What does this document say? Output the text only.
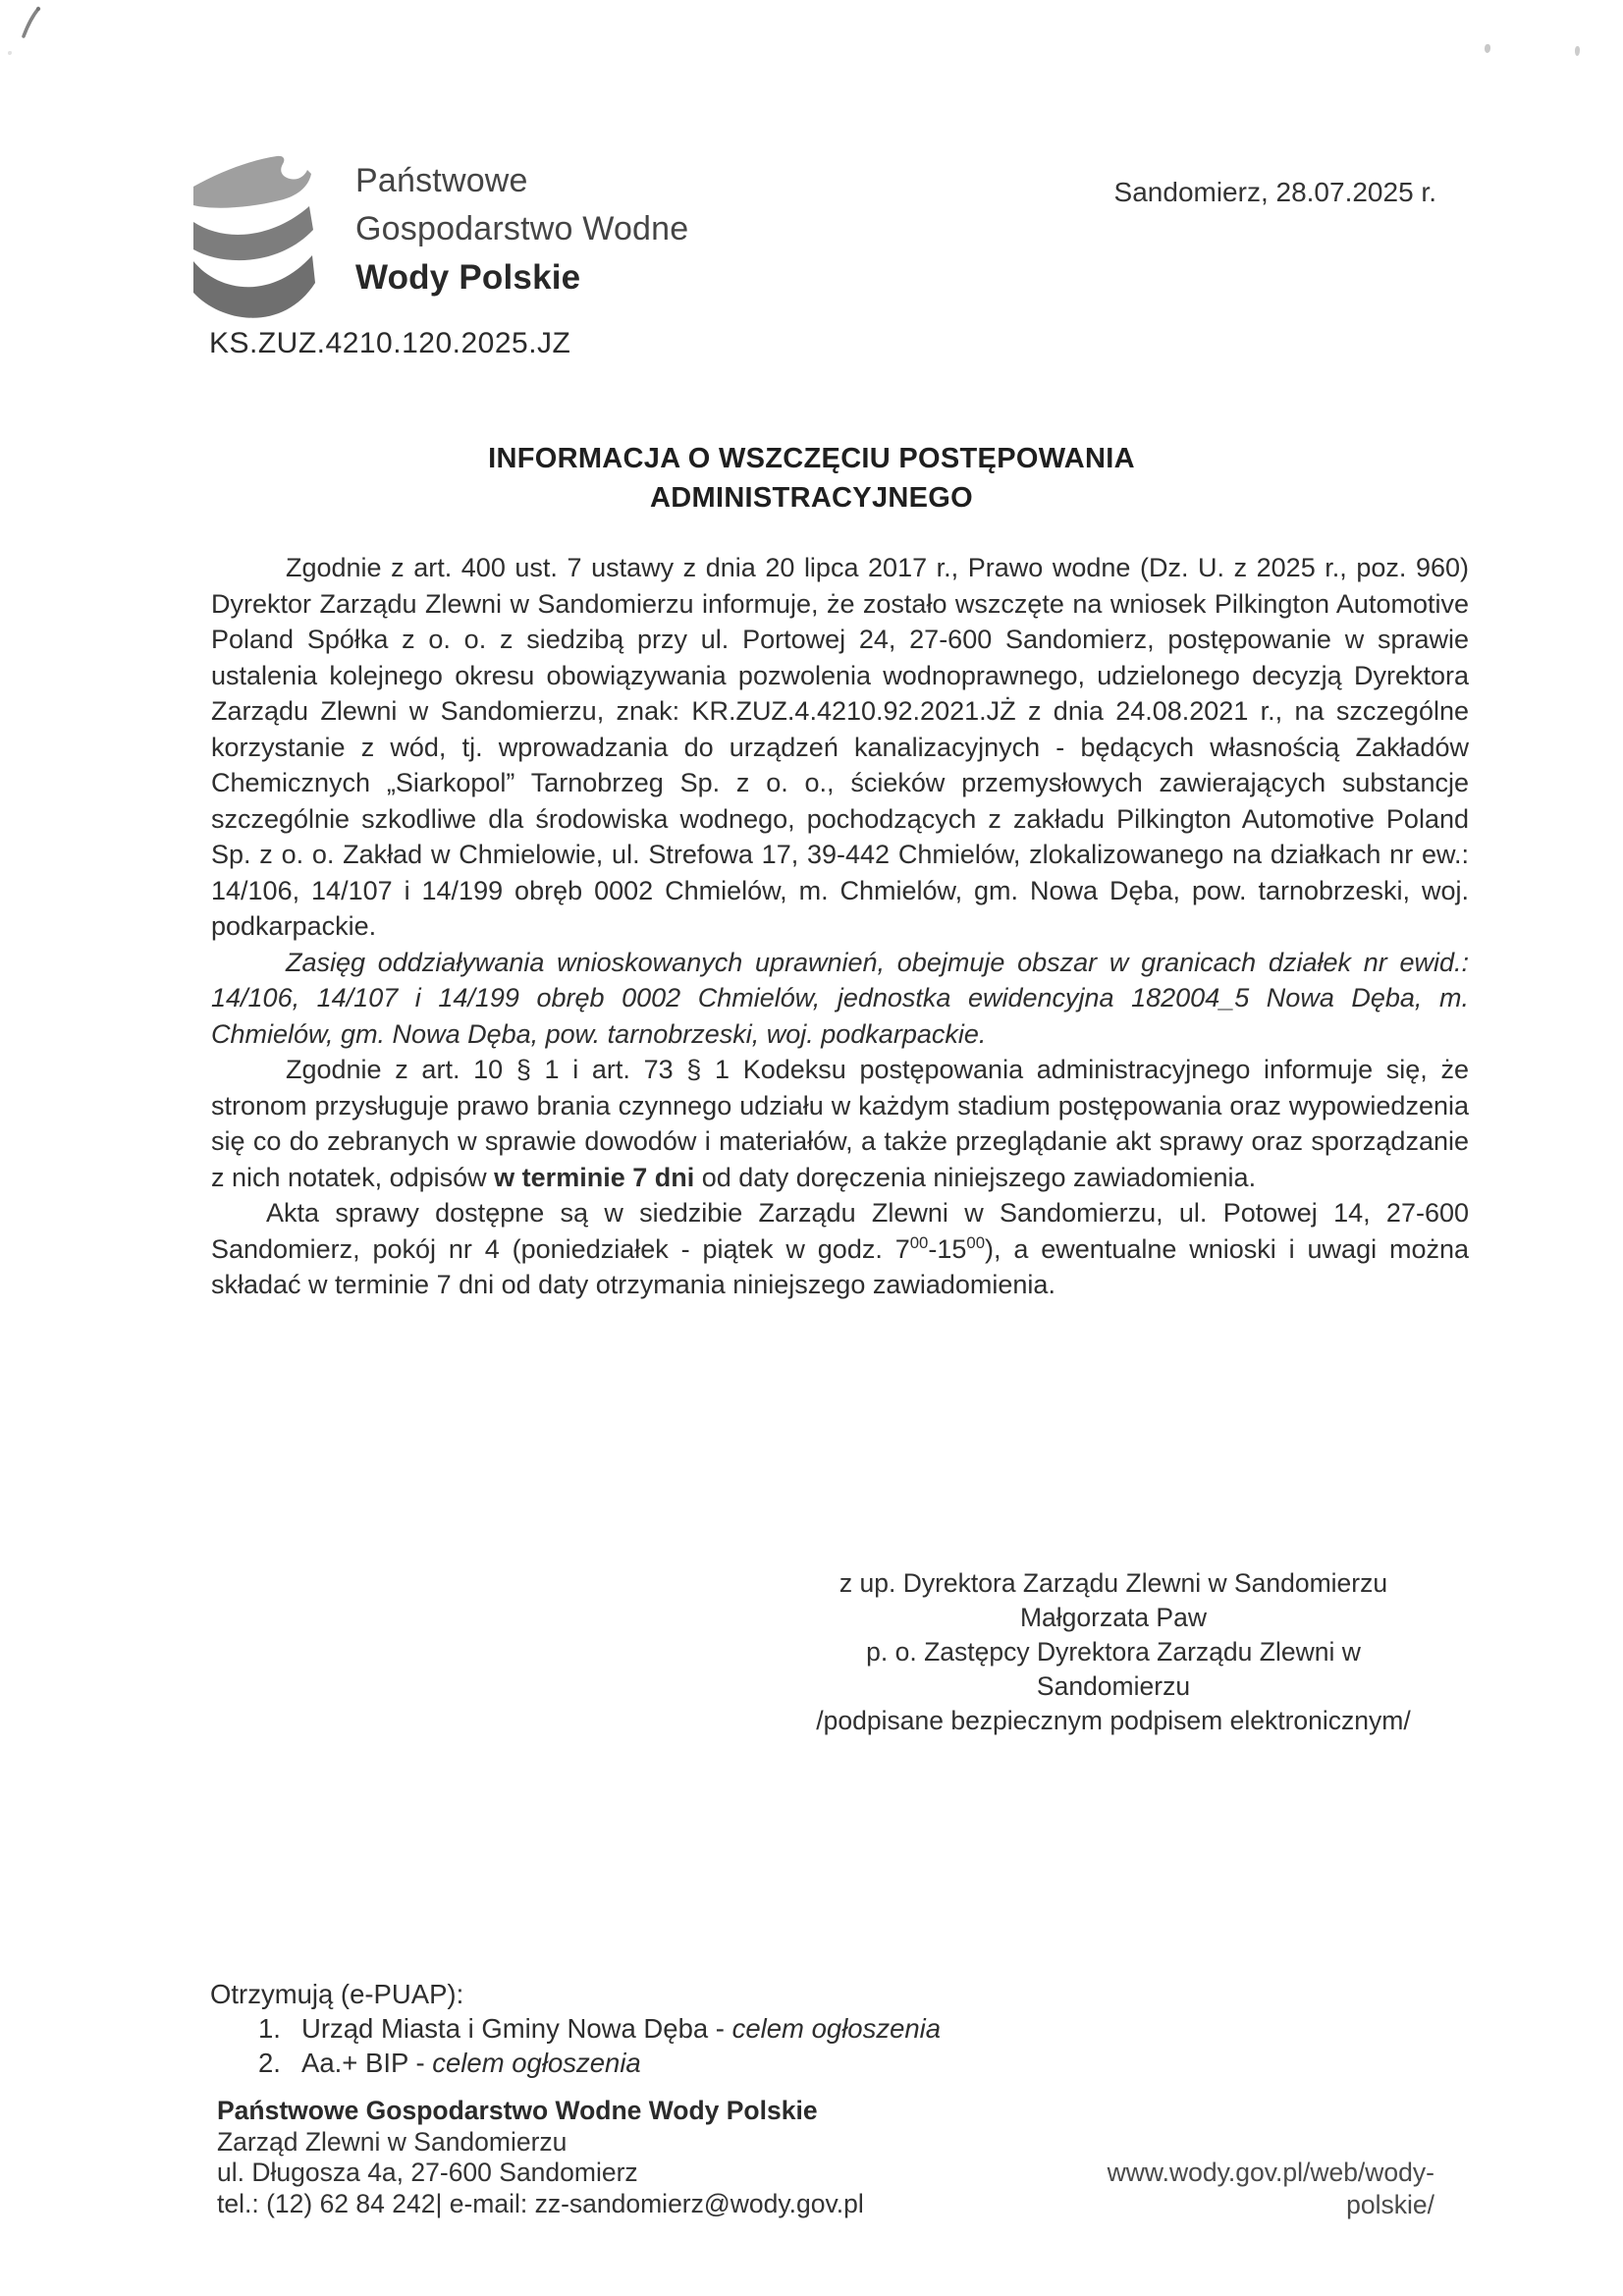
Państwowe
Gospodarstwo Wodne
Wody Polskie
Sandomierz, 28.07.2025 r.
KS.ZUZ.4210.120.2025.JZ
INFORMACJA O WSZCZĘCIU POSTĘPOWANIA
ADMINISTRACYJNEGO

Zgodnie z art. 400 ust. 7 ustawy z dnia 20 lipca 2017 r., Prawo wodne (Dz. U. z 2025 r., poz. 960) Dyrektor Zarządu Zlewni w Sandomierzu informuje, że zostało wszczęte na wniosek Pilkington Automotive Poland Spółka z o. o. z siedzibą przy ul. Portowej 24, 27-600 Sandomierz, postępowanie w sprawie ustalenia kolejnego okresu obowiązywania pozwolenia wodnoprawnego, udzielonego decyzją Dyrektora Zarządu Zlewni w Sandomierzu, znak: KR.ZUZ.4.4210.92.2021.JŻ z dnia 24.08.2021 r., na szczególne korzystanie z wód, tj. wprowadzania do urządzeń kanalizacyjnych - będących własnością Zakładów Chemicznych „Siarkopol” Tarnobrzeg Sp. z o. o., ścieków przemysłowych zawierających substancje szczególnie szkodliwe dla środowiska wodnego, pochodzących z zakładu Pilkington Automotive Poland Sp. z o. o. Zakład w Chmielowie, ul. Strefowa 17, 39-442 Chmielów, zlokalizowanego na działkach nr ew.: 14/106, 14/107 i 14/199 obręb 0002 Chmielów, m. Chmielów, gm. Nowa Dęba, pow. tarnobrzeski, woj. podkarpackie.

Zasięg oddziaływania wnioskowanych uprawnień, obejmuje obszar w granicach działek nr ewid.: 14/106, 14/107 i 14/199 obręb 0002 Chmielów, jednostka ewidencyjna 182004_5 Nowa Dęba, m. Chmielów, gm. Nowa Dęba, pow. tarnobrzeski, woj. podkarpackie.

Zgodnie z art. 10 § 1 i art. 73 § 1 Kodeksu postępowania administracyjnego informuje się, że stronom przysługuje prawo brania czynnego udziału w każdym stadium postępowania oraz wypowiedzenia się co do zebranych w sprawie dowodów i materiałów, a także przeglądanie akt sprawy oraz sporządzanie z nich notatek, odpisów w terminie 7 dni od daty doręczenia niniejszego zawiadomienia.

Akta sprawy dostępne są w siedzibie Zarządu Zlewni w Sandomierzu, ul. Potowej 14, 27-600 Sandomierz, pokój nr 4 (poniedziałek - piątek w godz. $7^{00}-15^{00}$), a ewentualne wnioski i uwagi można składać w terminie 7 dni od daty otrzymania niniejszego zawiadomienia.

z up. Dyrektora Zarządu Zlewni w Sandomierzu
Małgorzata Paw
p. o. Zastępcy Dyrektora Zarządu Zlewni w Sandomierzu
/podpisane bezpiecznym podpisem elektronicznym/
Otrzymują (e-PUAP):
1. Urząd Miasta i Gminy Nowa Dęba - celem ogłoszenia
2. Aa.+ BIP - celem ogłoszenia
Państwowe Gospodarstwo Wodne Wody Polskie
Zarząd Zlewni w Sandomierzu
ul. Długosza 4a, 27-600 Sandomierz
tel.: (12) 62 84 242| e-mail: zz-sandomierz@wody.gov.pl
www.wody.gov.pl/web/wody-
polskie/
